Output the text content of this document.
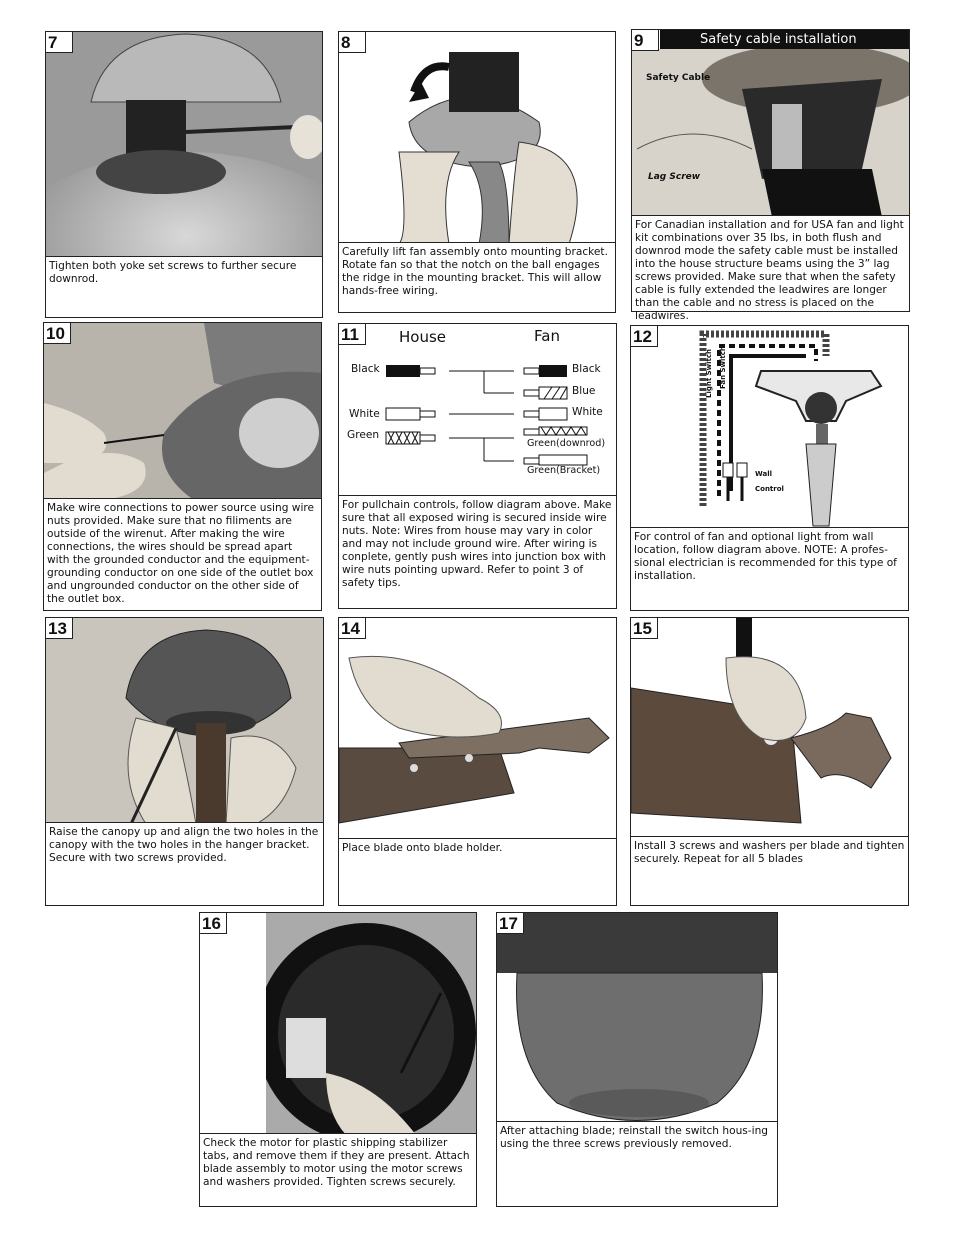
7
Tighten both yoke set screws to further secure downrod.
8
Carefully lift fan assembly onto mounting bracket. Rotate fan so that the notch on the ball engages the ridge in the mounting bracket. This will allow hands-free wiring.
9	Safety cable installation
Safety Cable
Lag Screw
For Canadian installation and for USA fan and light kit combinations over 35 lbs, in both flush and downrod mode the safety cable must be installed into the house structure beams using the 3” lag screws provided. Make sure that when the safety cable is fully extended the leadwires are longer than the cable and no stress is placed on the leadwires.
10
Make wire connections to power source using wire nuts provided. Make sure that no filiments are outside of the wirenut. After making the wire connections, the wires should be spread apart with the grounded conductor and the equipment-grounding conductor on one side of the outlet box and ungrounded conductor on the other side of the outlet box.
11	House	Fan
Black
White
Green
Black
Blue
White
Green(downrod)
Green(Bracket)
For pullchain controls, follow diagram above. Make sure that all exposed wiring is secured inside wire nuts. Note: Wires from house may vary in color and may not include ground wire. After wiring is conplete, gently push wires into junction box with wire nuts pointing upward. Refer to point 3 of safety tips.
12
Light Switch Fan Switch
Wall
Control
For control of fan and optional light from wall location, follow diagram above. NOTE: A profes-sional electrician is recommended for this type of installation.
13
Raise the canopy up and align the two holes in the canopy with the two holes in the hanger bracket. Secure with two screws provided.
14
Place blade onto blade holder.
15
Install 3 screws and washers per blade and tighten securely. Repeat for all 5 blades
16
Check the motor for plastic shipping stabilizer tabs, and remove them if they are present. Attach blade assembly to motor using the motor screws and washers provided. Tighten screws securely.
17
After attaching blade; reinstall the switch hous-ing using the three screws previously removed.
